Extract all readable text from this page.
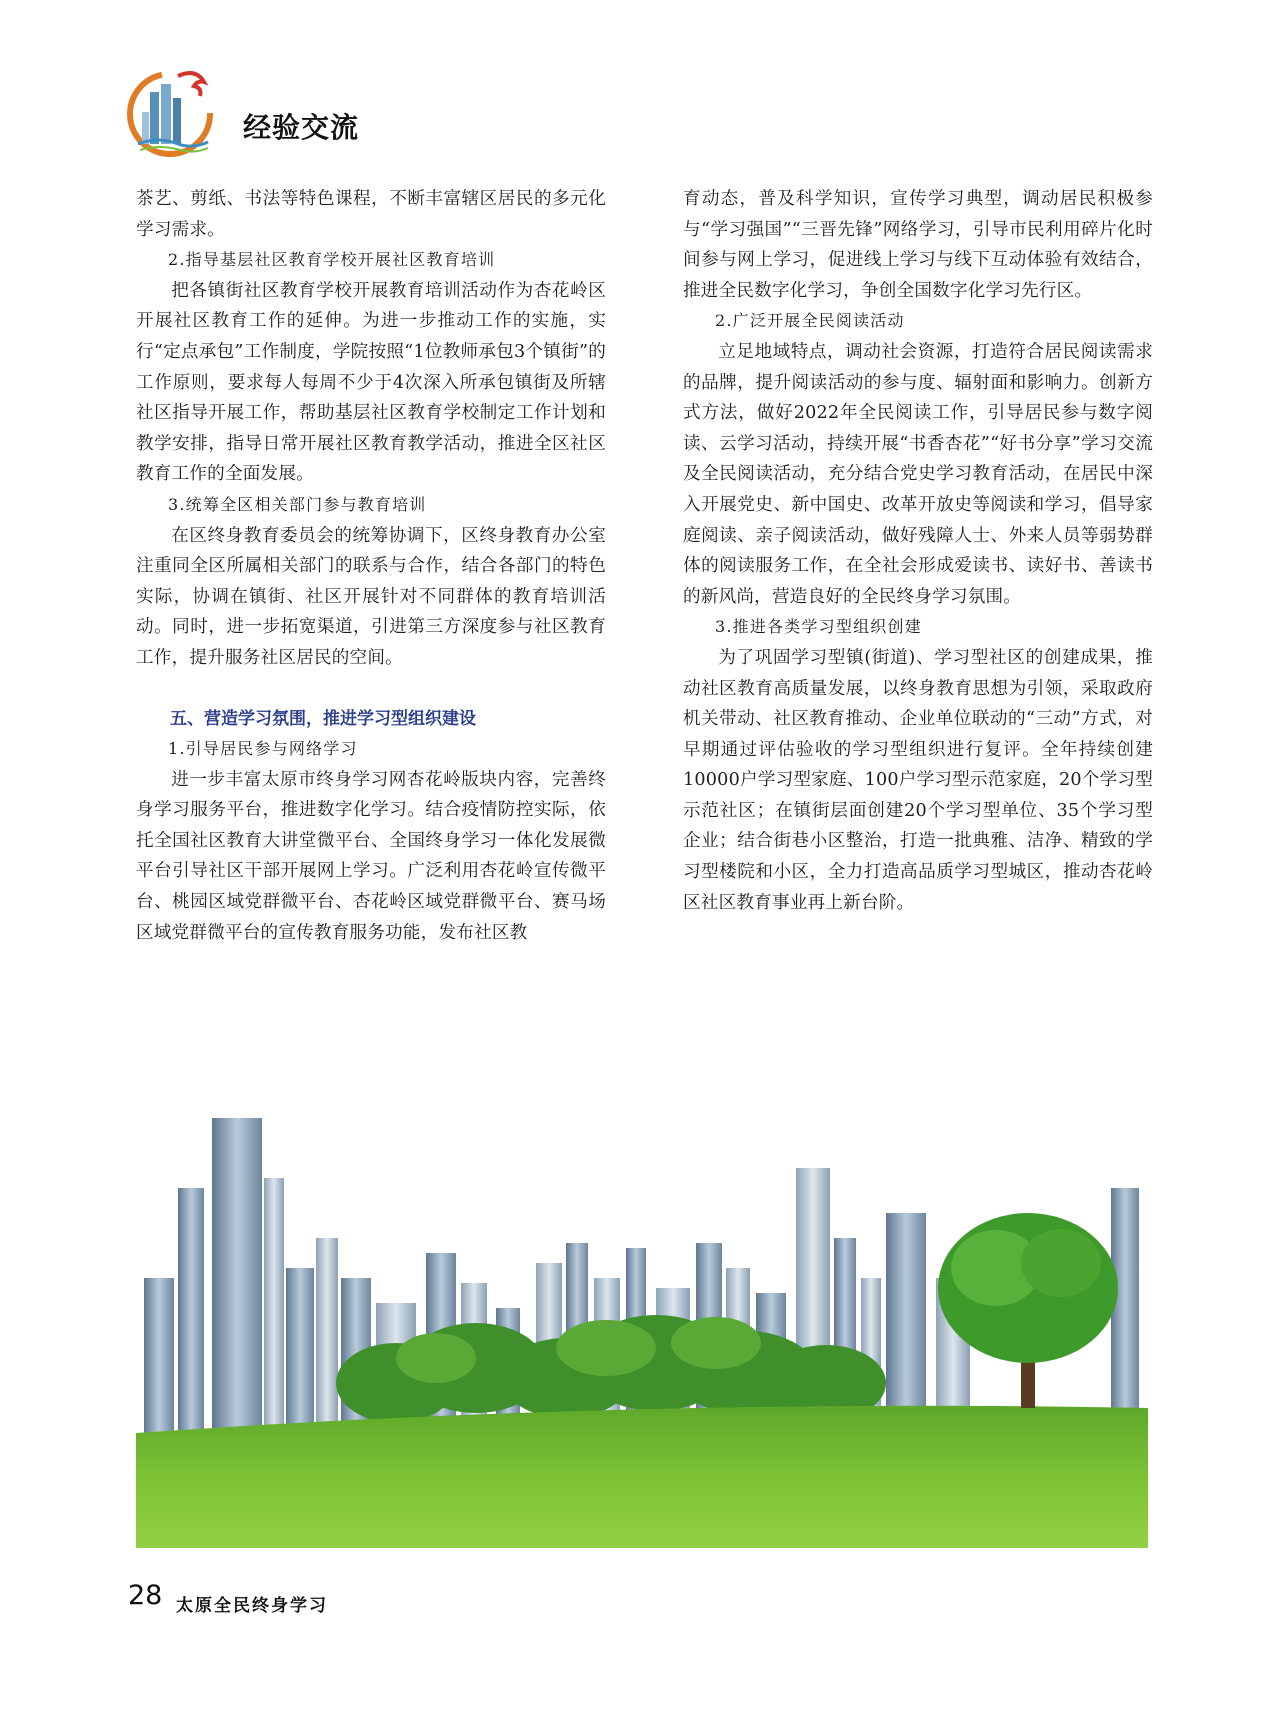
经验交流

茶艺、剪纸、书法等特色课程，不断丰富辖区居民的多元化学习需求。

2.指导基层社区教育学校开展社区教育培训

把各镇街社区教育学校开展教育培训活动作为杏花岭区开展社区教育工作的延伸。为进一步推动工作的实施，实行“定点承包”工作制度，学院按照“1位教师承包3个镇街”的工作原则，要求每人每周不少于4次深入所承包镇街及所辖社区指导开展工作，帮助基层社区教育学校制定工作计划和教学安排，指导日常开展社区教育教学活动，推进全区社区教育工作的全面发展。

3.统筹全区相关部门参与教育培训

在区终身教育委员会的统筹协调下，区终身教育办公室注重同全区所属相关部门的联系与合作，结合各部门的特色实际，协调在镇街、社区开展针对不同群体的教育培训活动。同时，进一步拓宽渠道，引进第三方深度参与社区教育工作，提升服务社区居民的空间。

五、营造学习氛围，推进学习型组织建设

1.引导居民参与网络学习

进一步丰富太原市终身学习网杏花岭版块内容，完善终身学习服务平台，推进数字化学习。结合疫情防控实际，依托全国社区教育大讲堂微平台、全国终身学习一体化发展微平台引导社区干部开展网上学习。广泛利用杏花岭宣传微平台、桃园区域党群微平台、杏花岭区域党群微平台、赛马场区域党群微平台的宣传教育服务功能，发布社区教

育动态，普及科学知识，宣传学习典型，调动居民积极参与“学习强国”“三晋先锋”网络学习，引导市民利用碎片化时间参与网上学习，促进线上学习与线下互动体验有效结合，推进全民数字化学习，争创全国数字化学习先行区。

2.广泛开展全民阅读活动

立足地域特点，调动社会资源，打造符合居民阅读需求的品牌，提升阅读活动的参与度、辐射面和影响力。创新方式方法，做好2022年全民阅读工作，引导居民参与数字阅读、云学习活动，持续开展“书香杏花”“好书分享”学习交流及全民阅读活动，充分结合党史学习教育活动，在居民中深入开展党史、新中国史、改革开放史等阅读和学习，倡导家庭阅读、亲子阅读活动，做好残障人士、外来人员等弱势群体的阅读服务工作，在全社会形成爱读书、读好书、善读书的新风尚，营造良好的全民终身学习氛围。

3.推进各类学习型组织创建

为了巩固学习型镇(街道)、学习型社区的创建成果，推动社区教育高质量发展，以终身教育思想为引领，采取政府机关带动、社区教育推动、企业单位联动的“三动”方式，对早期通过评估验收的学习型组织进行复评。全年持续创建10000户学习型家庭、100户学习型示范家庭，20个学习型示范社区；在镇街层面创建20个学习型单位、35个学习型企业；结合街巷小区整治，打造一批典雅、洁净、精致的学习型楼院和小区，全力打造高品质学习型城区，推动杏花岭区社区教育事业再上新台阶。

28 太原全民终身学习
